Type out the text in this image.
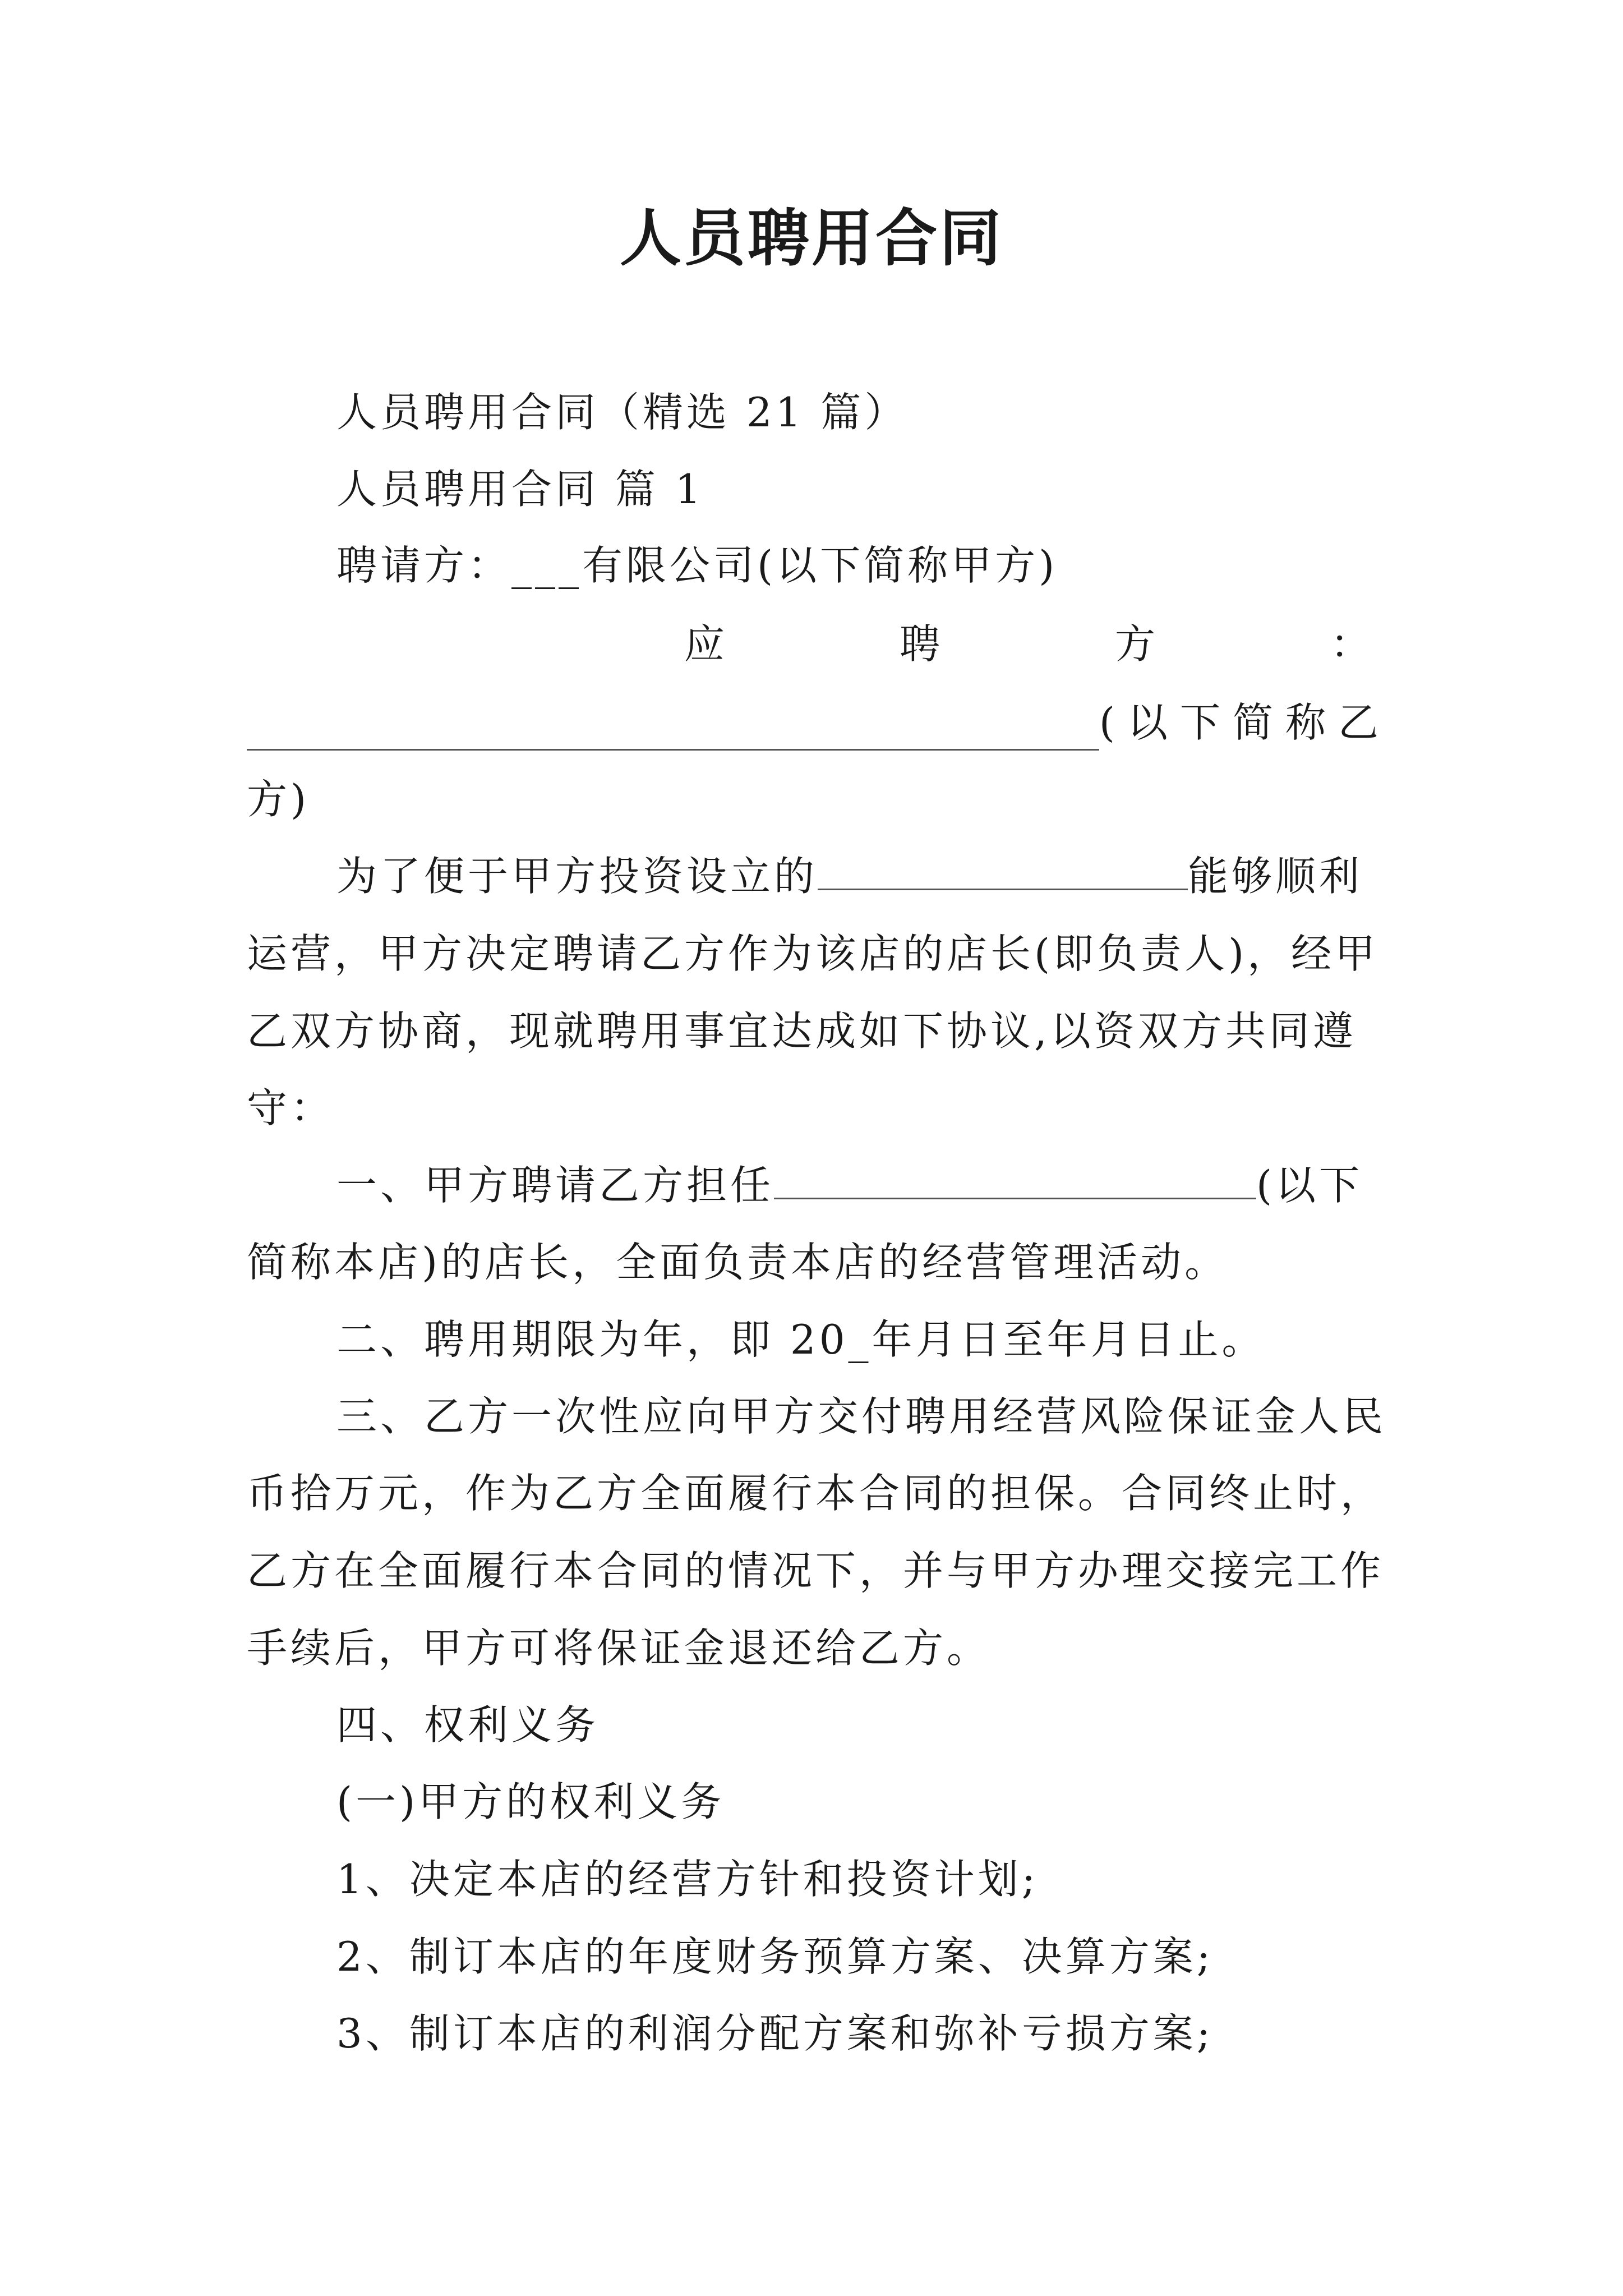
人员聘用合同
人员聘用合同（精选 21 篇）
人员聘用合同 篇 1
聘请方：___有限公司(以下简称甲方)
应	聘	方	：
(以下简称乙
方)
为了便于甲方投资设立的	能够顺利
运营，甲方决定聘请乙方作为该店的店长(即负责人)，经甲
乙双方协商，现就聘用事宜达成如下协议,以资双方共同遵
守：
一、甲方聘请乙方担任	(以下
简称本店)的店长，全面负责本店的经营管理活动。
二、聘用期限为年，即 20_年月日至年月日止。
三、乙方一次性应向甲方交付聘用经营风险保证金人民
币拾万元，作为乙方全面履行本合同的担保。合同终止时，
乙方在全面履行本合同的情况下，并与甲方办理交接完工作
手续后，甲方可将保证金退还给乙方。
四、权利义务
(一)甲方的权利义务
1、决定本店的经营方针和投资计划;
2、制订本店的年度财务预算方案、决算方案;
3、制订本店的利润分配方案和弥补亏损方案;
